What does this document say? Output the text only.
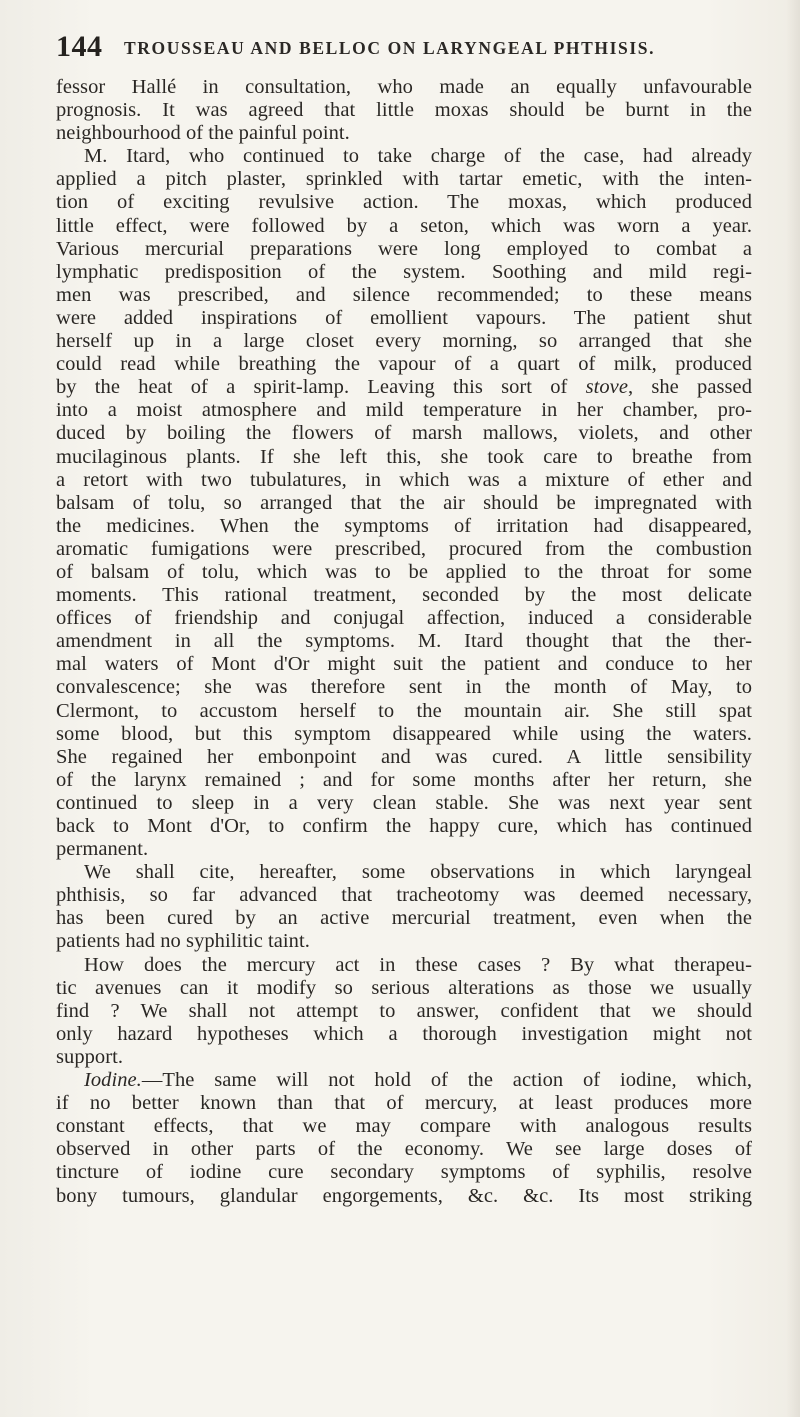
144 TROUSSEAU AND BELLOC ON LARYNGEAL PHTHISIS.
fessor Hallé in consultation, who made an equally unfavourable
prognosis. It was agreed that little moxas should be burnt in the
neighbourhood of the painful point.
M. Itard, who continued to take charge of the case, had already
applied a pitch plaster, sprinkled with tartar emetic, with the inten-
tion of exciting revulsive action. The moxas, which produced
little effect, were followed by a seton, which was worn a year.
Various mercurial preparations were long employed to combat a
lymphatic predisposition of the system. Soothing and mild regi-
men was prescribed, and silence recommended; to these means
were added inspirations of emollient vapours. The patient shut
herself up in a large closet every morning, so arranged that she
could read while breathing the vapour of a quart of milk, produced
by the heat of a spirit-lamp. Leaving this sort of stove, she passed
into a moist atmosphere and mild temperature in her chamber, pro-
duced by boiling the flowers of marsh mallows, violets, and other
mucilaginous plants. If she left this, she took care to breathe from
a retort with two tubulatures, in which was a mixture of ether and
balsam of tolu, so arranged that the air should be impregnated with
the medicines. When the symptoms of irritation had disappeared,
aromatic fumigations were prescribed, procured from the combustion
of balsam of tolu, which was to be applied to the throat for some
moments. This rational treatment, seconded by the most delicate
offices of friendship and conjugal affection, induced a considerable
amendment in all the symptoms. M. Itard thought that the ther-
mal waters of Mont d'Or might suit the patient and conduce to her
convalescence; she was therefore sent in the month of May, to
Clermont, to accustom herself to the mountain air. She still spat
some blood, but this symptom disappeared while using the waters.
She regained her embonpoint and was cured. A little sensibility
of the larynx remained ; and for some months after her return, she
continued to sleep in a very clean stable. She was next year sent
back to Mont d'Or, to confirm the happy cure, which has continued
permanent.
We shall cite, hereafter, some observations in which laryngeal
phthisis, so far advanced that tracheotomy was deemed necessary,
has been cured by an active mercurial treatment, even when the
patients had no syphilitic taint.
How does the mercury act in these cases ? By what therapeu-
tic avenues can it modify so serious alterations as those we usually
find ? We shall not attempt to answer, confident that we should
only hazard hypotheses which a thorough investigation might not
support.
Iodine.—The same will not hold of the action of iodine, which,
if no better known than that of mercury, at least produces more
constant effects, that we may compare with analogous results
observed in other parts of the economy. We see large doses of
tincture of iodine cure secondary symptoms of syphilis, resolve
bony tumours, glandular engorgements, &c. &c. Its most striking
